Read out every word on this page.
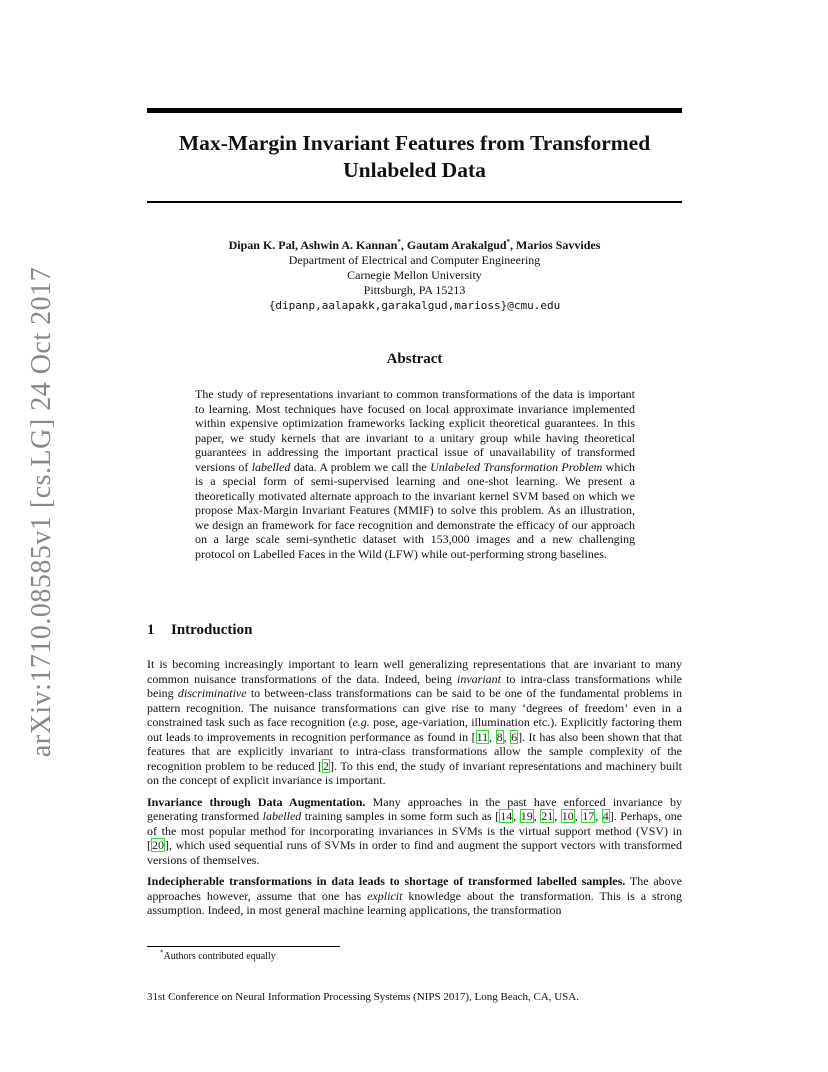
arXiv:1710.08585v1 [cs.LG] 24 Oct 2017
Max-Margin Invariant Features from Transformed Unlabeled Data
Dipan K. Pal, Ashwin A. Kannan*, Gautam Arakalgud*, Marios Savvides
Department of Electrical and Computer Engineering
Carnegie Mellon University
Pittsburgh, PA 15213
{dipanp,aalapakk,garakalgud,marioss}@cmu.edu
Abstract
The study of representations invariant to common transformations of the data is important to learning. Most techniques have focused on local approximate invariance implemented within expensive optimization frameworks lacking explicit theoretical guarantees. In this paper, we study kernels that are invariant to a unitary group while having theoretical guarantees in addressing the important practical issue of unavailability of transformed versions of labelled data. A problem we call the Unlabeled Transformation Problem which is a special form of semi-supervised learning and one-shot learning. We present a theoretically motivated alternate approach to the invariant kernel SVM based on which we propose Max-Margin Invariant Features (MMIF) to solve this problem. As an illustration, we design an framework for face recognition and demonstrate the efficacy of our approach on a large scale semi-synthetic dataset with 153,000 images and a new challenging protocol on Labelled Faces in the Wild (LFW) while out-performing strong baselines.
1 Introduction

It is becoming increasingly important to learn well generalizing representations that are invariant to many common nuisance transformations of the data. Indeed, being invariant to intra-class transformations while being discriminative to between-class transformations can be said to be one of the fundamental problems in pattern recognition. The nuisance transformations can give rise to many ‘degrees of freedom’ even in a constrained task such as face recognition (e.g. pose, age-variation, illumination etc.). Explicitly factoring them out leads to improvements in recognition performance as found in [11, 8, 6]. It has also been shown that that features that are explicitly invariant to intra-class transformations allow the sample complexity of the recognition problem to be reduced [2]. To this end, the study of invariant representations and machinery built on the concept of explicit invariance is important.

Invariance through Data Augmentation. Many approaches in the past have enforced invariance by generating transformed labelled training samples in some form such as [14, 19, 21, 10, 17, 4]. Perhaps, one of the most popular method for incorporating invariances in SVMs is the virtual support method (VSV) in [20], which used sequential runs of SVMs in order to find and augment the support vectors with transformed versions of themselves.

Indecipherable transformations in data leads to shortage of transformed labelled samples. The above approaches however, assume that one has explicit knowledge about the transformation. This is a strong assumption. Indeed, in most general machine learning applications, the transformation

*Authors contributed equally
31st Conference on Neural Information Processing Systems (NIPS 2017), Long Beach, CA, USA.
